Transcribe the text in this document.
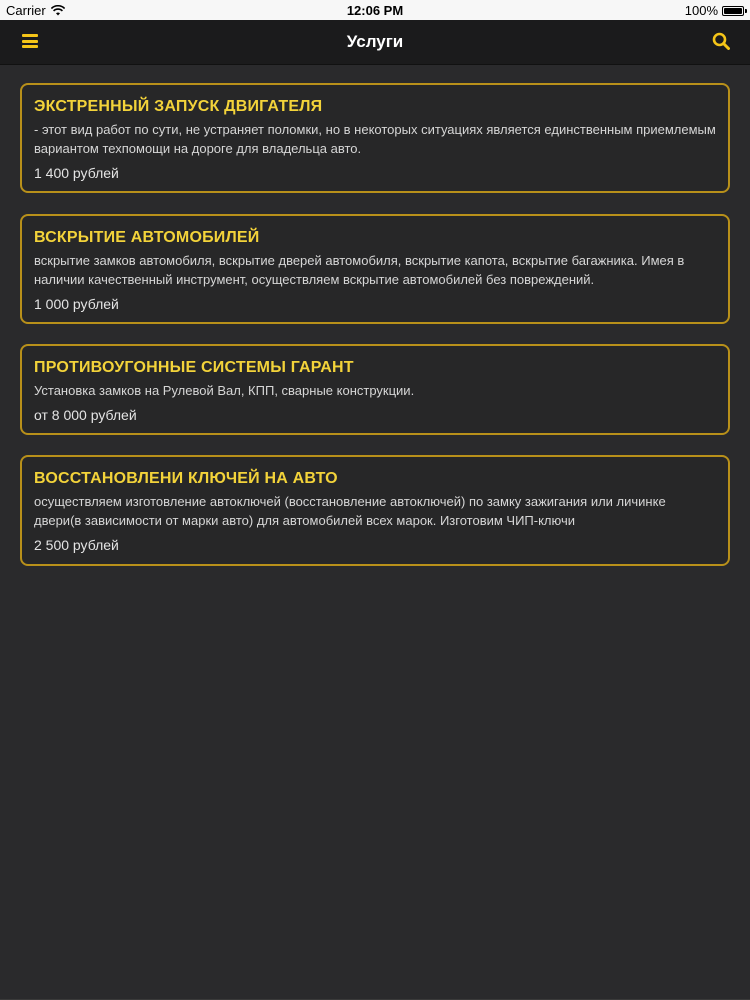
Carrier	12:06 PM	100%
Услуги
ЭКСТРЕННЫЙ ЗАПУСК ДВИГАТЕЛЯ
- этот вид работ по сути, не устраняет поломки, но в некоторых ситуациях является единственным приемлемым вариантом техпомощи на дороге для владельца авто.
1 400 рублей
ВСКРЫТИЕ АВТОМОБИЛЕЙ
вскрытие замков автомобиля, вскрытие дверей автомобиля, вскрытие капота, вскрытие багажника. Имея в наличии качественный инструмент, осуществляем вскрытие автомобилей без повреждений.
1 000 рублей
ПРОТИВОУГОННЫЕ СИСТЕМЫ ГАРАНТ
Установка замков на Рулевой Вал, КПП, сварные конструкции.
от 8 000 рублей
ВОССТАНОВЛЕНИ КЛЮЧЕЙ НА АВТО
осуществляем изготовление автоключей (восстановление автоключей) по замку зажигания или личинке двери(в зависимости от марки авто) для автомобилей всех марок. Изготовим ЧИП-ключи
2 500 рублей
